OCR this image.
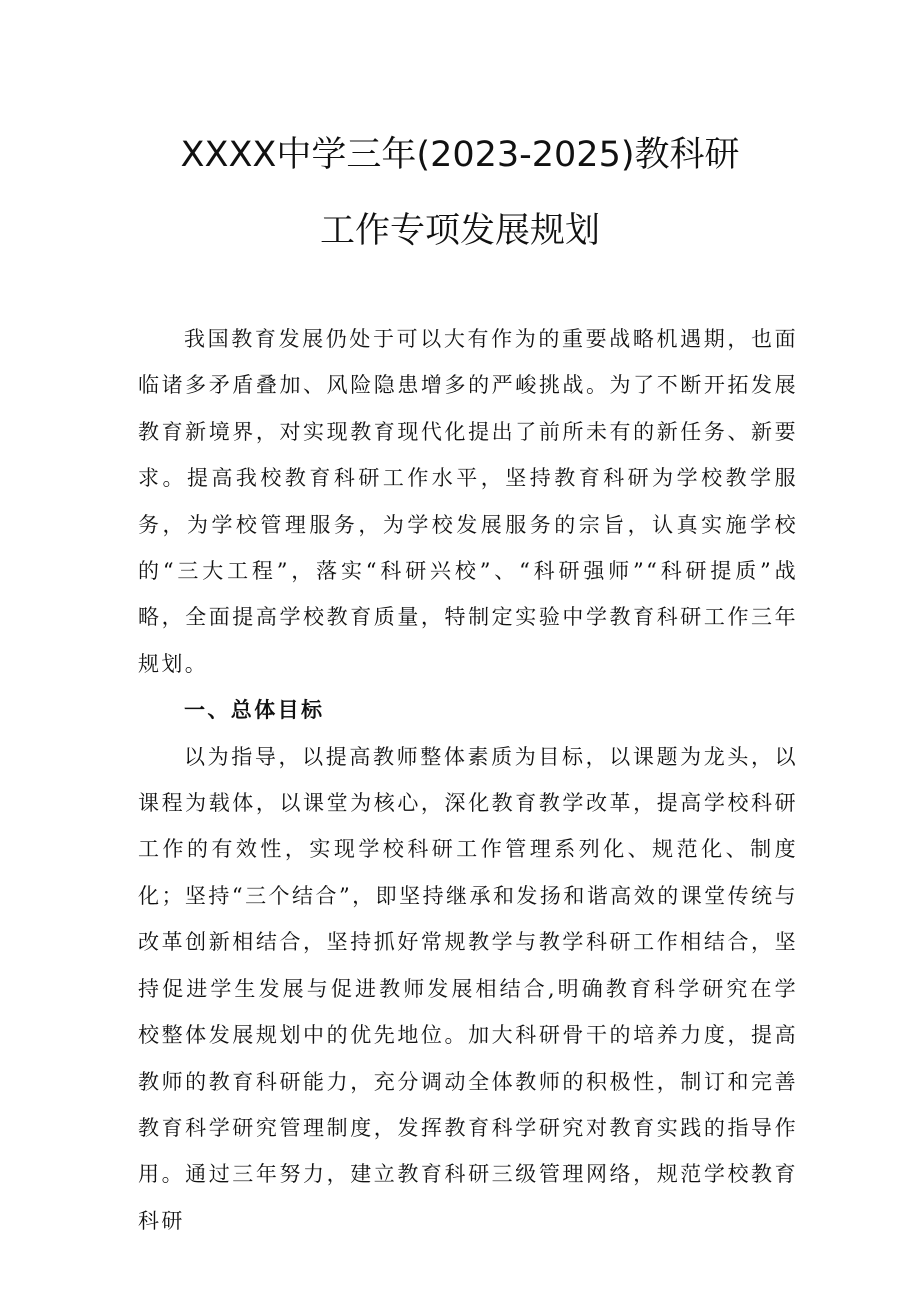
XXXX中学三年(2023-2025)教科研
工作专项发展规划

我国教育发展仍处于可以大有作为的重要战略机遇期，也面临诸多矛盾叠加、风险隐患增多的严峻挑战。为了不断开拓发展教育新境界，对实现教育现代化提出了前所未有的新任务、新要求。提高我校教育科研工作水平，坚持教育科研为学校教学服务，为学校管理服务，为学校发展服务的宗旨，认真实施学校的“三大工程”，落实“科研兴校”、“科研强师”“科研提质”战略，全面提高学校教育质量，特制定实验中学教育科研工作三年规划。

一、总体目标

以为指导，以提高教师整体素质为目标，以课题为龙头，以课程为载体，以课堂为核心，深化教育教学改革，提高学校科研工作的有效性，实现学校科研工作管理系列化、规范化、制度化；坚持“三个结合”，即坚持继承和发扬和谐高效的课堂传统与改革创新相结合，坚持抓好常规教学与教学科研工作相结合，坚持促进学生发展与促进教师发展相结合,明确教育科学研究在学校整体发展规划中的优先地位。加大科研骨干的培养力度，提高教师的教育科研能力，充分调动全体教师的积极性，制订和完善教育科学研究管理制度，发挥教育科学研究对教育实践的指导作用。通过三年努力，建立教育科研三级管理网络，规范学校教育科研
